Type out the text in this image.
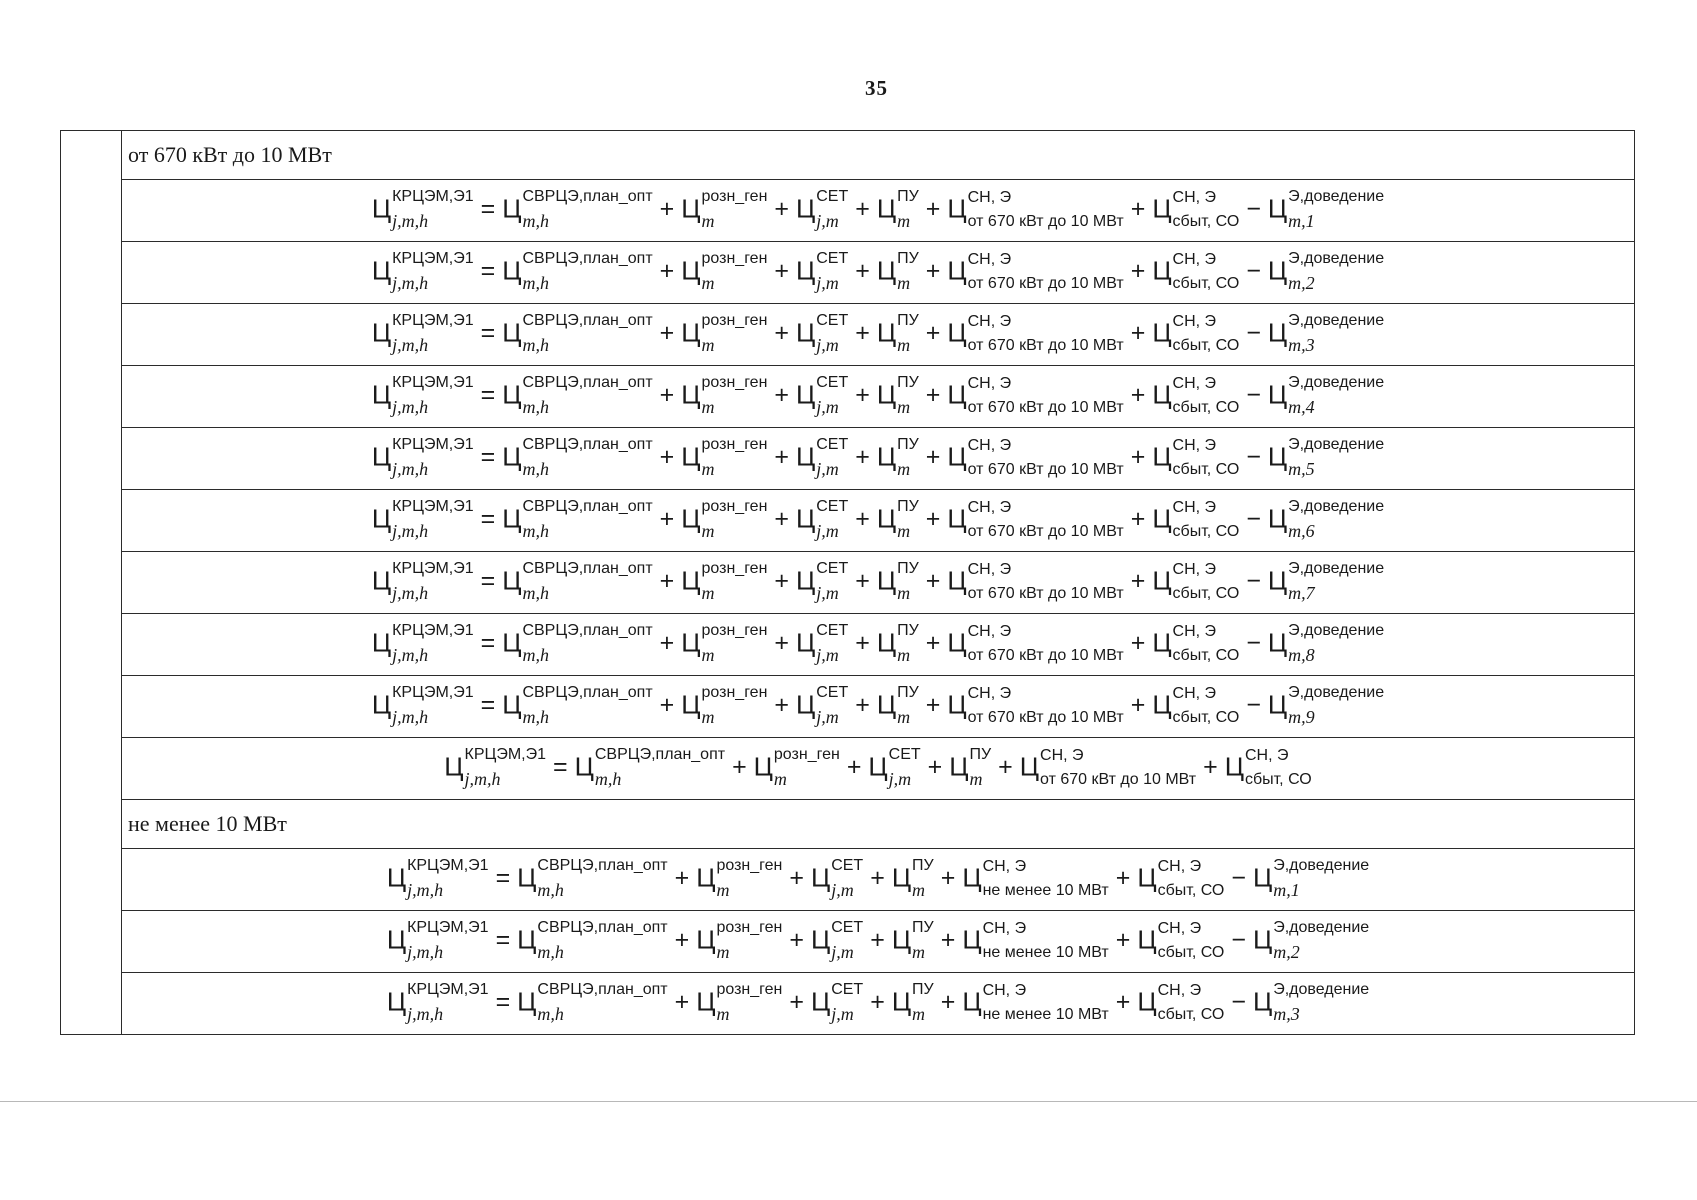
35
	от 670 кВт до 10 МВт
Ц КРЦЭМ,Э1
j,m,h	= Ц СВРЦЭ,план_опт
m,h	+ Ц розн_ген
m	+ Ц СЕТ
j,m + Ц ПУ
m + Ц СН, Э
от 670 кВт до 10 МВт + Ц СН, Э
сбыт, СО − Ц Э,доведение
m,1

Ц КРЦЭМ,Э1
j,m,h	= Ц СВРЦЭ,план_опт
m,h	+ Ц розн_ген
m	+ Ц СЕТ
j,m + Ц ПУ
m + Ц СН, Э
от 670 кВт до 10 МВт + Ц СН, Э
сбыт, СО − Ц Э,доведение
m,2

Ц КРЦЭМ,Э1
j,m,h	= Ц СВРЦЭ,план_опт
m,h	+ Ц розн_ген
m	+ Ц СЕТ
j,m + Ц ПУ
m + Ц СН, Э
от 670 кВт до 10 МВт + Ц СН, Э
сбыт, СО − Ц Э,доведение
m,3

Ц КРЦЭМ,Э1
j,m,h	= Ц СВРЦЭ,план_опт
m,h	+ Ц розн_ген
m	+ Ц СЕТ
j,m + Ц ПУ
m + Ц СН, Э
от 670 кВт до 10 МВт + Ц СН, Э
сбыт, СО − Ц Э,доведение
m,4

Ц КРЦЭМ,Э1
j,m,h	= Ц СВРЦЭ,план_опт
m,h	+ Ц розн_ген
m	+ Ц СЕТ
j,m + Ц ПУ
m + Ц СН, Э
от 670 кВт до 10 МВт + Ц СН, Э
сбыт, СО − Ц Э,доведение
m,5

Ц КРЦЭМ,Э1
j,m,h	= Ц СВРЦЭ,план_опт
m,h	+ Ц розн_ген
m	+ Ц СЕТ
j,m + Ц ПУ
m + Ц СН, Э
от 670 кВт до 10 МВт + Ц СН, Э
сбыт, СО − Ц Э,доведение
m,6

Ц КРЦЭМ,Э1
j,m,h	= Ц СВРЦЭ,план_опт
m,h	+ Ц розн_ген
m	+ Ц СЕТ
j,m + Ц ПУ
m + Ц СН, Э
от 670 кВт до 10 МВт + Ц СН, Э
сбыт, СО − Ц Э,доведение
m,7

Ц КРЦЭМ,Э1
j,m,h	= Ц СВРЦЭ,план_опт
m,h	+ Ц розн_ген
m	+ Ц СЕТ
j,m + Ц ПУ
m + Ц СН, Э
от 670 кВт до 10 МВт + Ц СН, Э
сбыт, СО − Ц Э,доведение
m,8

Ц КРЦЭМ,Э1
j,m,h	= Ц СВРЦЭ,план_опт
m,h	+ Ц розн_ген
m	+ Ц СЕТ
j,m + Ц ПУ
m + Ц СН, Э
от 670 кВт до 10 МВт + Ц СН, Э
сбыт, СО − Ц Э,доведение
m,9

Ц КРЦЭМ,Э1
j,m,h	= Ц СВРЦЭ,план_опт
m,h	+ Ц розн_ген
m	+ Ц СЕТ
j,m + Ц ПУ
m + Ц СН, Э
от 670 кВт до 10 МВт + Ц СН, Э
сбыт, СО

не менее 10 МВт
Ц КРЦЭМ,Э1
j,m,h	= Ц СВРЦЭ,план_опт
m,h	+ Ц розн_ген
m	+ Ц СЕТ
j,m + Ц ПУ
m + Ц СН, Э
не менее 10 МВт + Ц СН, Э
сбыт, СО − Ц Э,доведение
m,1

Ц КРЦЭМ,Э1
j,m,h	= Ц СВРЦЭ,план_опт
m,h	+ Ц розн_ген
m	+ Ц СЕТ
j,m + Ц ПУ
m + Ц СН, Э
не менее 10 МВт + Ц СН, Э
сбыт, СО − Ц Э,доведение
m,2

Ц КРЦЭМ,Э1
j,m,h	= Ц СВРЦЭ,план_опт
m,h	+ Ц розн_ген
m	+ Ц СЕТ
j,m + Ц ПУ
m + Ц СН, Э
не менее 10 МВт + Ц СН, Э
сбыт, СО − Ц Э,доведение
m,3
